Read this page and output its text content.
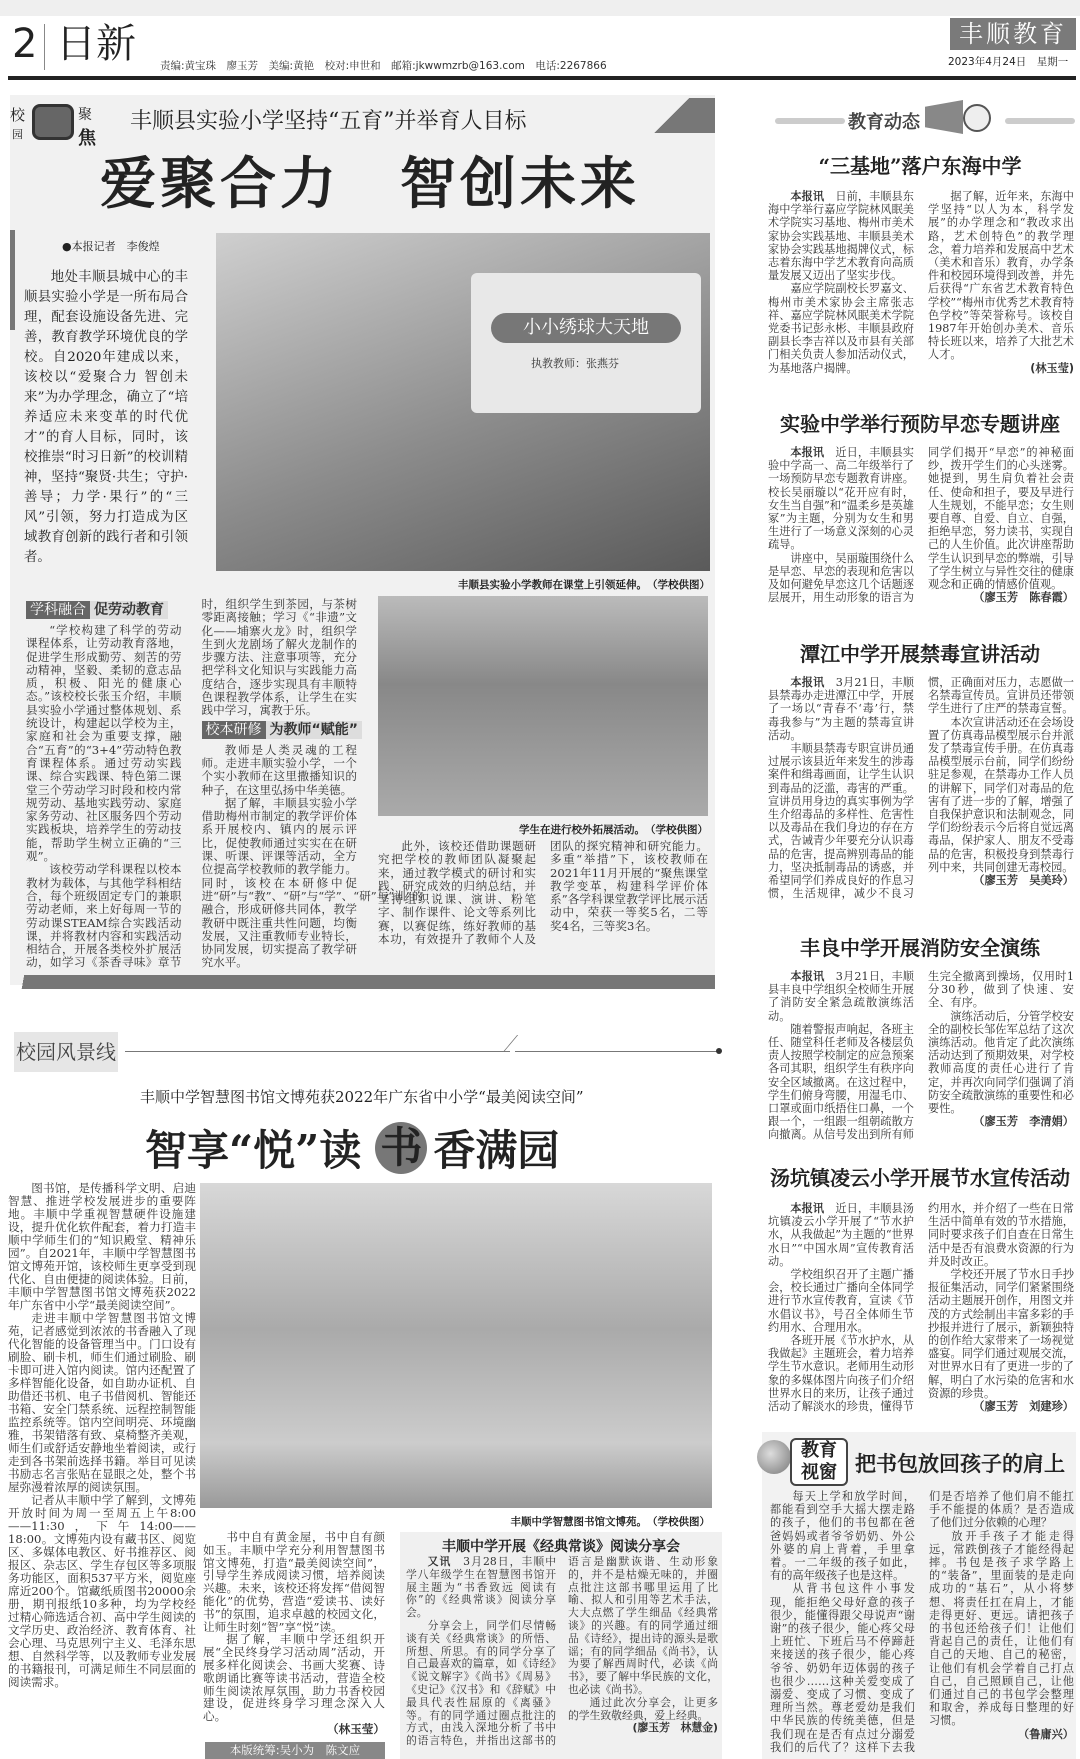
2 日新 责编:黄宝珠　廖玉芳　美编:黄艳　校对:申世和　邮箱:jkwwmzrb@163.com　电话:2267866
丰顺教育
2023年4月24日　星期一
校
园
聚
焦
丰顺县实验小学坚持“五育”并举育人目标
爱聚合力　智创未来
●本报记者　李俊煌

地处丰顺县城中心的丰顺县实验小学是一所布局合理，配套设施设备先进、完善，教育教学环境优良的学校。自2020年建成以来，该校以“爱聚合力 智创未来”为办学理念，确立了“培养适应未来变革的时代优才”的育人目标，同时，该校推崇“时习日新”的校训精神，坚持“聚贤·共生；守护·善导；力学·果行”的“三风”引领，努力打造成为区域教育创新的践行者和引领者。

小小绣球大天地
执教教师：张燕芬
丰顺县实验小学教师在课堂上引领延伸。　（学校供图）
学科融合 促劳动教育

“学校构建了科学的劳动课程体系，让劳动教育落地，促进学生形成勤劳、刻苦的劳动精神，坚毅、柔韧的意志品质，积极、阳光的健康心态。”该校校长张玉介绍，丰顺县实验小学通过整体规划、系统设计，构建起以学校为主，家庭和社会为重要支撑，融合“五育”的“3+4”劳动特色教育课程体系。通过劳动实践课、综合实践课、特色第二课堂三个劳动学习时段和校内常规劳动、基地实践劳动、家庭家务劳动、社区服务四个劳动实践板块，培养学生的劳动技能，帮助学生树立正确的“三观”。

该校劳动学科课程以校本教材为载体，与其他学科相结合，每个班级固定专门的兼职劳动老师，来上好每周一节的劳动课STEAM综合实践活动课，并将教材内容和实践活动相结合，开展各类校外扩展活动，如学习《茶香寻味》章节时，组织学生到茶园，与茶树零距离接触；学习《“非遗”文化——埔寨火龙》时，组织学生到火龙剧场了解火龙制作的步骤方法、注意事项等，充分把学科文化知识与实践能力高度结合，逐步实现具有丰顺特色课程教学体系，让学生在实践中学习，寓教于乐。

校本研修 为教师“赋能”

教师是人类灵魂的工程师。走进丰顺实验小学，一个个实小教师在这里撒播知识的种子，在这里弘扬中华美德。

据了解，丰顺县实验小学借助梅州市制定的教学评价体系开展校内、镇内的展示评比，促使教师通过实实在在研课、听课、评课等活动，全方位提高学校教师的教学能力。同时，该校在本研修中促进“研”与“教”、“研”与“学”、“研”与“训”的融合，形成研修共同体，教学教研中既注重共性问题，均衡发展，又注重教师专业特长，协同发展，切实提高了教学研究水平。

学生在进行校外拓展活动。　（学校供图）

此外，该校还借助课题研究把学校的教师团队凝聚起来，通过教学模式的研讨和实践、研究成效的归纳总结，并坚持组织说课、演讲、粉笔字、制作课件、论文等系列比赛，以赛促练，练好教师的基本功，有效提升了教师个人及团队的探究精神和研究能力。多重“举措”下，该校教师在2021年11月开展的“聚焦课堂教学变革，构建科学评价体系”各学科课堂教学评比展示活动中，荣获一等奖5名，二等奖4名，三等奖3名。

教育动态
“三基地”落户东海中学

本报讯　 日前，丰顺县东海中学举行嘉应学院林风眠美术学院实习基地、梅州市美术家协会实践基地、丰顺县美术家协会实践基地揭牌仪式，标志着东海中学艺术教育向高质量发展又迈出了坚实步伐。

嘉应学院副校长罗嘉文、梅州市美术家协会主席张志祥、嘉应学院林风眠美术学院党委书记彭永彬、丰顺县政府副县长李吉祥以及市县有关部门相关负责人参加活动仪式，为基地落户揭牌。

据了解，近年来，东海中学坚持“以人为本，科学发展”的办学理念和“教改求出路，艺术创特色”的教学理念，着力培养和发展高中艺术（美术和音乐）教育，办学条件和校园环境得到改善，并先后获得“广东省艺术教育特色学校”“梅州市优秀艺术教育特色学校”等荣誉称号。该校自1987年开始创办美术、音乐特长班以来，培养了大批艺术人才。

(林玉莹)

实验中学举行预防早恋专题讲座

本报讯　 近日，丰顺县实验中学高一、高二年级举行了一场预防早恋专题教育讲座。校长吴丽璇以“花开应有时，女生当自强”和“温柔乡是英雄冢”为主题，分别为女生和男生进行了一场意义深刻的心灵疏导。

讲座中，吴丽璇围绕什么是早恋、早恋的表现和危害以及如何避免早恋这几个话题逐层展开，用生动形象的语言为同学们揭开“早恋”的神秘面纱，拨开学生们的心头迷雾。她提到，男生肩负着社会责任、使命和担子，要及早进行人生规划，不能早恋；女生则要自尊、自爱、自立、自强，拒绝早恋，努力读书，实现自己的人生价值。此次讲座帮助学生认识到早恋的弊端，引导了学生树立与异性交往的健康观念和正确的情感价值观。

（廖玉芳　陈春霞）

潭江中学开展禁毒宣讲活动

本报讯　 3月21日，丰顺县禁毒办走进潭江中学，开展了一场以“青春不‘毒’行，禁毒我参与”为主题的禁毒宣讲活动。

丰顺县禁毒专职宣讲员通过展示该县近年来发生的涉毒案件和缉毒画面，让学生认识到毒品的泛滥，毒害的严重。宣讲员用身边的真实事例为学生介绍毒品的多样性、危害性以及毒品在我们身边的存在方式，告诫青少年要充分认识毒品的危害，提高辨别毒品的能力，坚决抵制毒品的诱惑，并希望同学们养成良好的作息习惯，生活规律，减少不良习惯，正确面对压力，志愿做一名禁毒宣传员。宣讲员还带领学生进行了庄严的禁毒宣誓。

本次宣讲活动还在会场设置了仿真毒品模型展示台并派发了禁毒宣传手册。在仿真毒品模型展示台前，同学们纷纷驻足参观，在禁毒办工作人员的讲解下，同学们对毒品的危害有了进一步的了解，增强了自我保护意识和法制观念，同学们纷纷表示今后将自觉远离毒品，保护家人、朋友不受毒品的危害，积极投身到禁毒行列中来，共同创建无毒校园。

（廖玉芳　吴美玲）

丰良中学开展消防安全演练

本报讯　 3月21日，丰顺县丰良中学组织全校师生开展了消防安全紧急疏散演练活动。

随着警报声响起，各班主任、随堂科任老师及各楼层负责人按照学校制定的应急预案各司其职，组织学生有秩序向安全区域撤离。在这过程中，学生们俯身弯腰，用湿毛巾、口罩或面巾纸捂住口鼻，一个跟一个，一组跟一组朝疏散方向撤离。从信号发出到所有师生完全撤离到操场，仅用时1分30秒，做到了快速、安全、有序。

演练活动后，分管学校安全的副校长邹佐军总结了这次演练活动。他肯定了此次演练活动达到了预期效果，对学校教师高度的责任心进行了肯定，并再次向同学们强调了消防安全疏散演练的重要性和必要性。

（廖玉芳　李清娟）

汤坑镇凌云小学开展节水宣传活动

本报讯　 近日，丰顺县汤坑镇凌云小学开展了“节水护水，从我做起”为主题的“世界水日”“中国水周”宣传教育活动。

学校组织召开了主题广播会，校长通过广播向全体同学进行节水宣传教育，宣读《节水倡议书》，号召全体师生节约用水、合理用水。

各班开展《节水护水，从我做起》主题班会，着力培养学生节水意识。老师用生动形象的多媒体图片向孩子们介绍世界水日的来历，让孩子通过活动了解淡水的珍贵，懂得节约用水，并介绍了一些在日常生活中简单有效的节水措施，同时要求孩子们自查在日常生活中是否有浪费水资源的行为并及时改正。

学校还开展了节水日手抄报征集活动，同学们紧紧围绕活动主题展开创作，用图文并茂的方式绘制出丰富多彩的手抄报并进行了展示，新颖独特的创作给大家带来了一场视觉盛宴。同学们通过观展交流，对世界水日有了更进一步的了解，明白了水污染的危害和水资源的珍贵。

（廖玉芳　刘建珍）

教育
视窗 把书包放回孩子的肩上

每天上学和放学时间，都能看到空手大摇大摆走路的孩子，他们的书包都在爸爸妈妈或者爷爷奶奶、外公外婆的肩上背着，手里拿着。一二年级的孩子如此，有的高年级孩子也是这样。

从背书包这件小事发现，能拒绝父母好意的孩子很少，能懂得跟父母说声“谢谢”的孩子很少，能心疼父母上班忙、下班后马不停蹄赶来接送的孩子很少，能心疼爷爷、奶奶年迈体弱的孩子也很少……这种关爱变成了溺爱、变成了习惯、变成了理所当然。尊老爱幼是我们中华民族的传统美德，但是我们现在是否有点过分溺爱我们的后代了？这样下去我们是否培养了他们肩不能扛手不能提的体质？是否造成了他们过分依赖的心理？

放开手孩子才能走得远，常跌倒孩子才能经得起摔。书包是孩子求学路上的“装备”，里面装的是走向成功的“基石”，从小将梦想、将责任扛在肩上，才能走得更好、更远。请把孩子的书包还给孩子们！让他们背起自己的责任，让他们有自己的天地、自己的秘密，让他们有机会学着自己打点自己，自己照顾自己，让他们通过自己的书包学会整理和取舍，养成每日整理的好习惯。

（鲁庸兴）

校园风景线
丰顺中学智慧图书馆文博苑获2022年广东省中小学“最美阅读空间”
智享“悦”读 书 香满园

图书馆，是传播科学文明、启迪智慧、推进学校发展进步的重要阵地。丰顺中学重视智慧硬件设施建设，提升优化软件配套，着力打造丰顺中学师生们的“知识殿堂、精神乐园”。自2021年，丰顺中学智慧图书馆文博苑开馆，该校师生更享受到现代化、自由便捷的阅读体验。日前，丰顺中学智慧图书馆文博苑获2022年广东省中小学“最美阅读空间”。

走进丰顺中学智慧图书馆文博苑，记者感觉到浓浓的书香融入了现代化智能的设备管理当中。门口设有刷脸、刷卡机，师生们通过刷脸、刷卡即可进入馆内阅读。馆内还配置了多样智能化设备，如自助办证机、自助借还书机、电子书借阅机、智能还书箱、安全门禁系统、远程控制智能监控系统等。馆内空间明亮、环境幽雅，书架错落有致、桌椅整齐美观，师生们或舒适安静地坐着阅读，或行走到各书架前选择书籍。举目可见读书励志名言张贴在显眼之处，整个书屋弥漫着浓厚的阅读氛围。

记者从丰顺中学了解到，文博苑开放时间为周一至周五上午8:00——11:30，下午14:00——18:00。文博苑内设有藏书区、阅览区、多媒体电教区、好书推荐区、阅报区、杂志区、学生存包区等多项服务功能区，面积537平方米，阅览座席近200个。馆藏纸质图书20000余册，期刊报纸10多种，均为学校经过精心筛选适合初、高中学生阅读的文学历史、政治经济、教育体育、社会心理、马克思列宁主义、毛泽东思想、自然科学等，以及教师专业发展的书籍报刊，可满足师生不同层面的阅读需求。

丰顺中学智慧图书馆文博苑。　（学校供图）

书中自有黄金屋，书中自有颜如玉。丰顺中学充分利用智慧图书馆文博苑，打造“最美阅读空间”，引导学生养成阅读习惯，培养阅读兴趣。未来，该校还将发挥“借阅智能化”的优势，营造“爱读书、读好书”的氛围，追求卓越的校园文化，让师生时刻“智”享“悦”读。

据了解，丰顺中学还组织开展“全民终身学习活动周”活动，开展多样化阅读会、书画大奖赛、诗歌朗诵比赛等读书活动，营造全校师生阅读浓厚氛围，助力书香校园建设，促进终身学习理念深入人心。

（林玉莹）

本版统筹:吴小为　陈文应
丰顺中学开展《经典常谈》阅读分享会

又讯　 3月28日，丰顺中学八年级学生在智慧图书馆开展主题为“书香致远 阅读有你”的《经典常谈》阅读分享会。

分享会上，同学们尽情畅谈有关《经典常谈》的所悟、所想、所思。有的同学分享了自己最喜欢的篇章，如《诗经》《说文解字》《尚书》《周易》《史记》《汉书》和《辞赋》中最具代表性屈原的《离骚》等。有的同学通过圈点批注的方式，由浅入深地分析了书中的语言特色，并指出这部书的语言是幽默诙谐、生动形象的，并不是枯燥无味的，并圈点批注这部书哪里运用了比喻、拟人和引用等艺术手法，大大点燃了学生细品《经典常谈》的兴趣。有的同学通过细品《诗经》，提出诗的源头是歌谣；有的同学细品《尚书》，认为要了解西周时代，必读《尚书》，要了解中华民族的文化，也必读《尚书》。

通过此次分享会，让更多的学生致敬经典，爱上经典。

(廖玉芳　林慧金)
